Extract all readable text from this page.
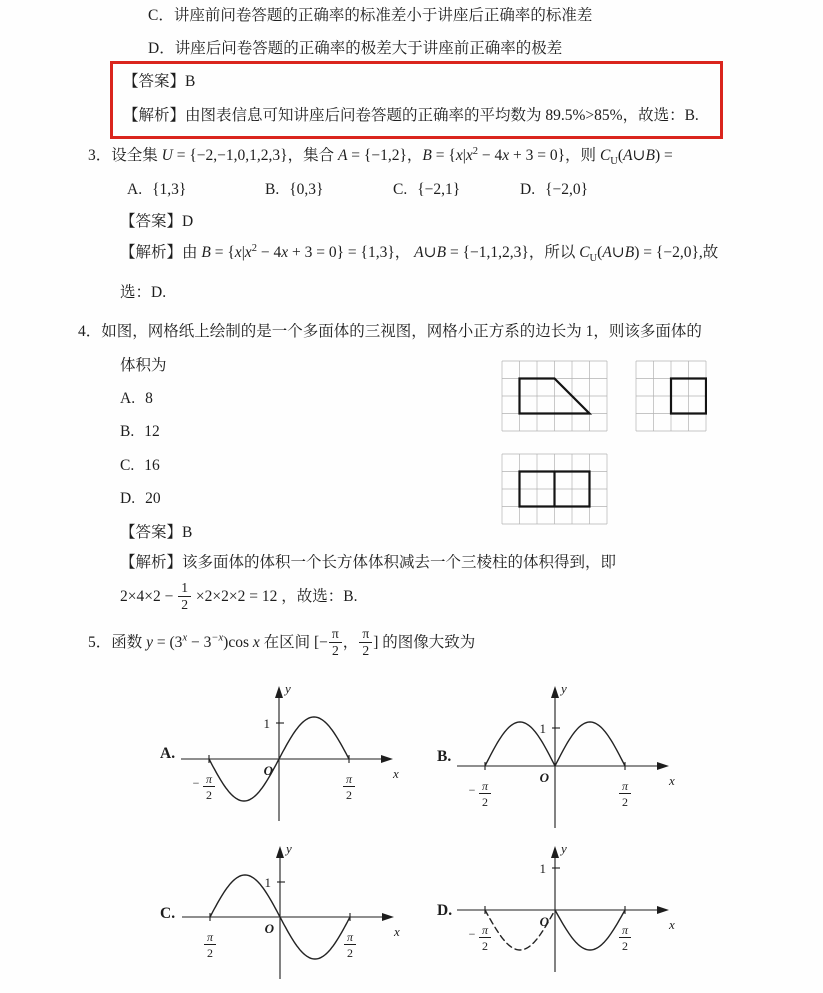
C．讲座前问卷答题的正确率的标准差小于讲座后正确率的标准差
D．讲座后问卷答题的正确率的极差大于讲座前正确率的极差
【答案】B
【解析】由图表信息可知讲座后问卷答题的正确率的平均数为 89.5%>85%，故选：B.
3．设全集 U = {−2,−1,0,1,2,3}，集合 A = {−1,2}，$B = \{x|x^2 - 4x + 3 = 0\}$，则 $C_U(A\cup B)$ =
A. {1,3}	B. {0,3}	C. {−2,1}	D. {−2,0}
【答案】D
【解析】由 $B = \{x|x^2 - 4x + 3 = 0\} = \{1,3\}$， A∪B = {−1,1,2,3}，所以 $C_U(A\cup B) = \{-2,0\}$,故
选：D.
4．如图，网格纸上绘制的是一个多面体的三视图，网格小正方系的边长为 1，则该多面体的
体积为
A. 8
B. 12
C. 16
D. 20
【答案】B
【解析】该多面体的体积一个长方体体积减去一个三棱柱的体积得到，即
$2\times 4\times 2 - \frac{1}{2} \times 2\times 2\times 2 = 12$ ，故选：B.
5．函数 $y = (3^x - 3^{-x})\cos$ x 在区间 [− $\frac{\pi}{2}$ ， $\frac{\pi}{2}$ ] 的图像大致为
A.	B.
C.	D.
1
x
y
O
− π
2
π
2
1
x
y
O
− π
2
π
2
1
x
y
O
π
2
π
2
1
x
y
O
− π
2
π
2
